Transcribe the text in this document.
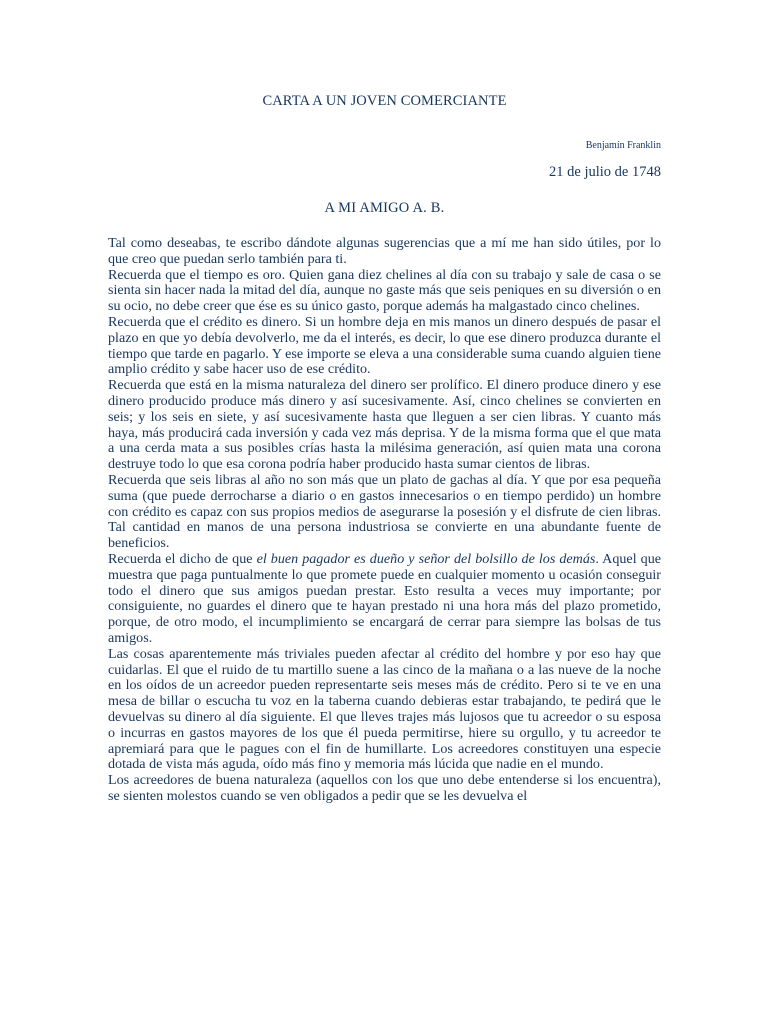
CARTA A UN JOVEN COMERCIANTE
Benjamín Franklin
21 de julio de 1748
A MI AMIGO A. B.

Tal como deseabas, te escribo dándote algunas sugerencias que a mí me han sido útiles, por lo que creo que puedan serlo también para ti.

Recuerda que el tiempo es oro. Quien gana diez chelines al día con su trabajo y sale de casa o se sienta sin hacer nada la mitad del día, aunque no gaste más que seis peniques en su diversión o en su ocio, no debe creer que ése es su único gasto, porque además ha malgastado cinco chelines.

Recuerda que el crédito es dinero. Si un hombre deja en mis manos un dinero después de pasar el plazo en que yo debía devolverlo, me da el interés, es decir, lo que ese dinero produzca durante el tiempo que tarde en pagarlo. Y ese importe se eleva a una considerable suma cuando alguien tiene amplio crédito y sabe hacer uso de ese crédito.

Recuerda que está en la misma naturaleza del dinero ser prolífico. El dinero produce dinero y ese dinero producido produce más dinero y así sucesivamente. Así, cinco chelines se convierten en seis; y los seis en siete, y así sucesivamente hasta que lleguen a ser cien libras. Y cuanto más haya, más producirá cada inversión y cada vez más deprisa. Y de la misma forma que el que mata a una cerda mata a sus posibles crías hasta la milésima generación, así quien mata una corona destruye todo lo que esa corona podría haber producido hasta sumar cientos de libras.

Recuerda que seis libras al año no son más que un plato de gachas al día. Y que por esa pequeña suma (que puede derrocharse a diario o en gastos innecesarios o en tiempo perdido) un hombre con crédito es capaz con sus propios medios de asegurarse la posesión y el disfrute de cien libras. Tal cantidad en manos de una persona industriosa se convierte en una abundante fuente de beneficios.

Recuerda el dicho de que el buen pagador es dueño y señor del bolsillo de los demás. Aquel que muestra que paga puntualmente lo que promete puede en cualquier momento u ocasión conseguir todo el dinero que sus amigos puedan prestar. Esto resulta a veces muy importante; por consiguiente, no guardes el dinero que te hayan prestado ni una hora más del plazo prometido, porque, de otro modo, el incumplimiento se encargará de cerrar para siempre las bolsas de tus amigos.

Las cosas aparentemente más triviales pueden afectar al crédito del hombre y por eso hay que cuidarlas. El que el ruido de tu martillo suene a las cinco de la mañana o a las nueve de la noche en los oídos de un acreedor pueden representarte seis meses más de crédito. Pero si te ve en una mesa de billar o escucha tu voz en la taberna cuando debieras estar trabajando, te pedirá que le devuelvas su dinero al día siguiente. El que lleves trajes más lujosos que tu acreedor o su esposa o incurras en gastos mayores de los que él pueda permitirse, hiere su orgullo, y tu acreedor te apremiará para que le pagues con el fin de humillarte. Los acreedores constituyen una especie dotada de vista más aguda, oído más fino y memoria más lúcida que nadie en el mundo.

Los acreedores de buena naturaleza (aquellos con los que uno debe entenderse si los encuentra), se sienten molestos cuando se ven obligados a pedir que se les devuelva el
